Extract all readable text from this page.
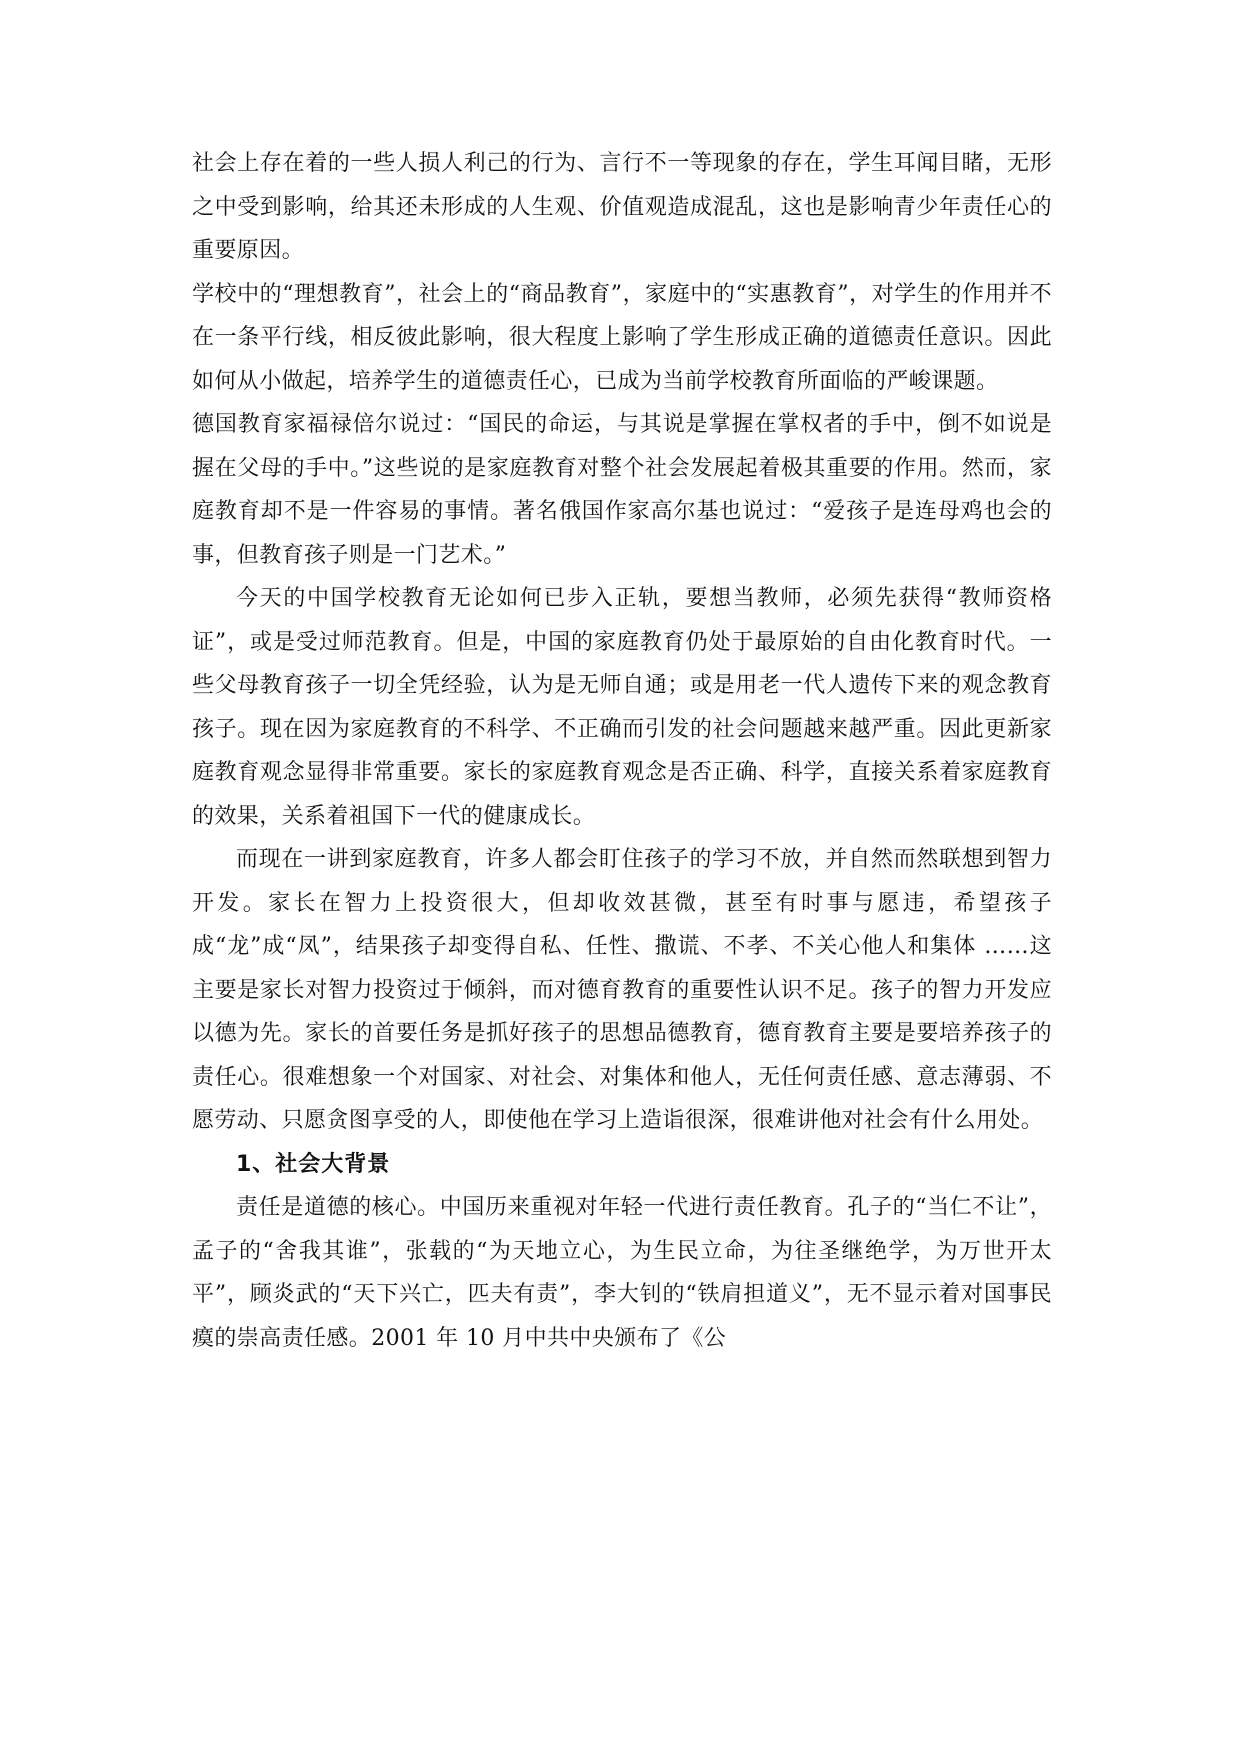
社会上存在着的一些人损人利己的行为、言行不一等现象的存在，学生耳闻目睹，无形之中受到影响，给其还未形成的人生观、价值观造成混乱，这也是影响青少年责任心的重要原因。

学校中的“理想教育”，社会上的“商品教育”，家庭中的“实惠教育”，对学生的作用并不在一条平行线，相反彼此影响，很大程度上影响了学生形成正确的道德责任意识。因此如何从小做起，培养学生的道德责任心，已成为当前学校教育所面临的严峻课题。

德国教育家福禄倍尔说过：“国民的命运，与其说是掌握在掌权者的手中，倒不如说是握在父母的手中。”这些说的是家庭教育对整个社会发展起着极其重要的作用。然而，家庭教育却不是一件容易的事情。著名俄国作家高尔基也说过：“爱孩子是连母鸡也会的事，但教育孩子则是一门艺术。”

今天的中国学校教育无论如何已步入正轨，要想当教师，必须先获得“教师资格证”，或是受过师范教育。但是，中国的家庭教育仍处于最原始的自由化教育时代。一些父母教育孩子一切全凭经验，认为是无师自通；或是用老一代人遗传下来的观念教育孩子。现在因为家庭教育的不科学、不正确而引发的社会问题越来越严重。因此更新家庭教育观念显得非常重要。家长的家庭教育观念是否正确、科学，直接关系着家庭教育的效果，关系着祖国下一代的健康成长。

而现在一讲到家庭教育，许多人都会盯住孩子的学习不放，并自然而然联想到智力开发。家长在智力上投资很大，但却收效甚微，甚至有时事与愿违，希望孩子成“龙”成“凤”，结果孩子却变得自私、任性、撒谎、不孝、不关心他人和集体 ……这主要是家长对智力投资过于倾斜，而对德育教育的重要性认识不足。孩子的智力开发应以德为先。家长的首要任务是抓好孩子的思想品德教育，德育教育主要是要培养孩子的责任心。很难想象一个对国家、对社会、对集体和他人，无任何责任感、意志薄弱、不愿劳动、只愿贪图享受的人，即使他在学习上造诣很深，很难讲他对社会有什么用处。

1、社会大背景

责任是道德的核心。中国历来重视对年轻一代进行责任教育。孔子的“当仁不让”，孟子的“舍我其谁”，张载的“为天地立心，为生民立命，为往圣继绝学，为万世开太平”，顾炎武的“天下兴亡，匹夫有责”，李大钊的“铁肩担道义”，无不显示着对国事民瘼的崇高责任感。2001 年 10 月中共中央颁布了《公
